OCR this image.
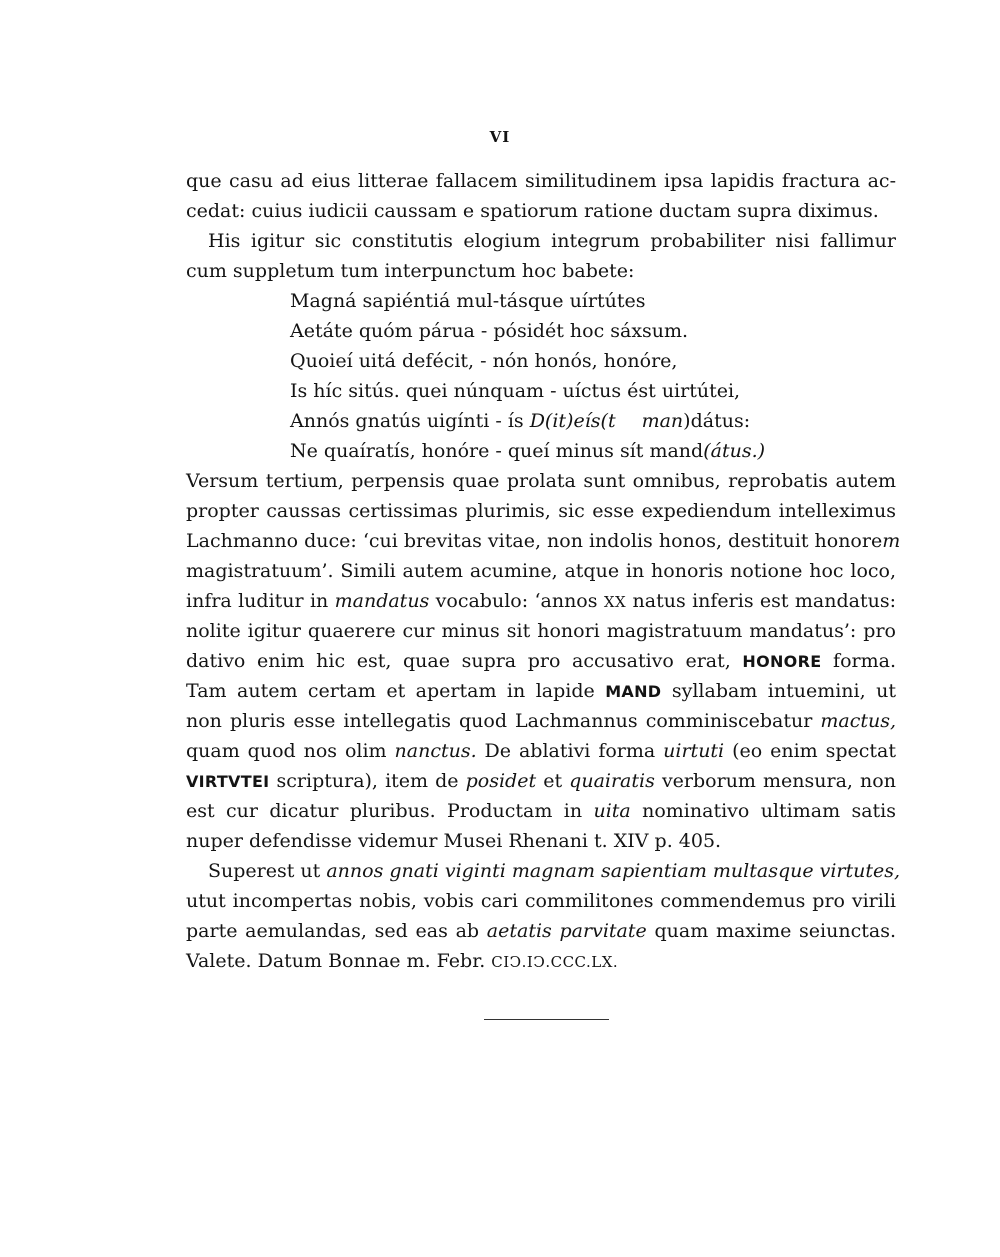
VI
que casu ad eius litterae fallacem similitudinem ipsa lapidis fractura ac-
cedat: cuius iudicii caussam e spatiorum ratione ductam supra diximus.
His igitur sic constitutis elogium integrum probabiliter nisi fallimur
cum suppletum tum interpunctum hoc babete:
Magná sapiéntiá mul-tásque uírtútes
Aetáte quóm párua - pósidét hoc sáxsum.
Quoieí uitá defécit, - nón honós, honóre,
Is híc sitús. quei núnquam - uíctus ést uirtútei,
Annós gnatús uigínti - ís D(it)eís(t man)dátus:
Ne quaíratís, honóre - queí minus sít mand(átus.)
Versum tertium, perpensis quae prolata sunt omnibus, reprobatis autem
propter caussas certissimas plurimis, sic esse expediendum intelleximus
Lachmanno duce: ‘cui brevitas vitae, non indolis honos, destituit honorem
magistratuum’. Simili autem acumine, atque in honoris notione hoc loco,
infra luditur in mandatus vocabulo: ‘annos XX natus inferis est mandatus:
nolite igitur quaerere cur minus sit honori magistratuum mandatus’: pro
dativo enim hic est, quae supra pro accusativo erat, HONORE forma.
Tam autem certam et apertam in lapide MAND syllabam intuemini, ut
non pluris esse intellegatis quod Lachmannus comminiscebatur mactus,
quam quod nos olim nanctus. De ablativi forma uirtuti (eo enim spectat
VIRTVTEI scriptura), item de posidet et quairatis verborum mensura, non
est cur dicatur pluribus. Productam in uita nominativo ultimam satis
nuper defendisse videmur Musei Rhenani t. XIV p. 405.
Superest ut annos gnati viginti magnam sapientiam multasque virtutes,
utut incompertas nobis, vobis cari commilitones commendemus pro virili
parte aemulandas, sed eas ab aetatis parvitate quam maxime seiunctas.
Valete. Datum Bonnae m. Febr. CIↃ.IↃ.CCC.LX.
